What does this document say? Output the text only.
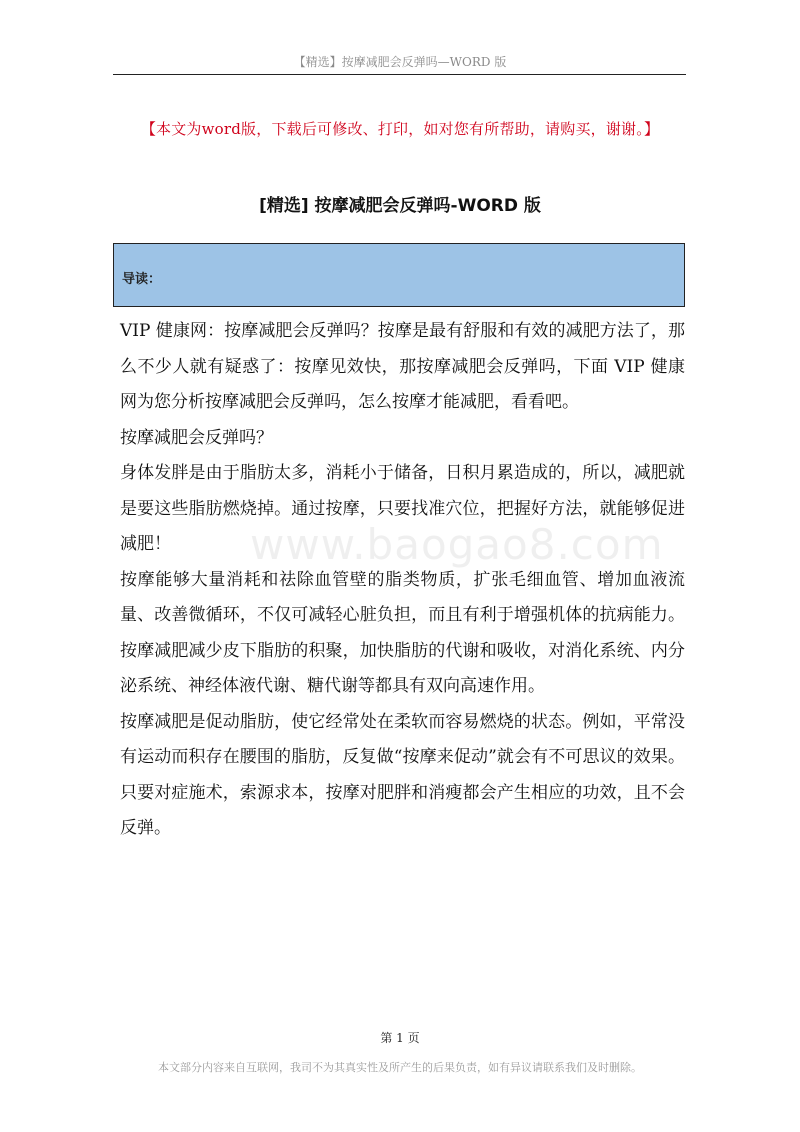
【精选】按摩减肥会反弹吗—WORD 版
【本文为word版，下载后可修改、打印，如对您有所帮助，请购买，谢谢。】
[精选] 按摩减肥会反弹吗-WORD 版
导读：
www.baogao8.com

VIP 健康网：按摩减肥会反弹吗？按摩是最有舒服和有效的减肥方法了，那么不少人就有疑惑了：按摩见效快，那按摩减肥会反弹吗，下面 VIP 健康网为您分析按摩减肥会反弹吗，怎么按摩才能减肥，看看吧。

按摩减肥会反弹吗？

身体发胖是由于脂肪太多，消耗小于储备，日积月累造成的，所以，减肥就是要这些脂肪燃烧掉。通过按摩，只要找准穴位，把握好方法，就能够促进减肥！

按摩能够大量消耗和祛除血管壁的脂类物质，扩张毛细血管、增加血液流量、改善微循环，不仅可减轻心脏负担，而且有利于增强机体的抗病能力。按摩减肥减少皮下脂肪的积聚，加快脂肪的代谢和吸收，对消化系统、内分泌系统、神经体液代谢、糖代谢等都具有双向高速作用。

按摩减肥是促动脂肪，使它经常处在柔软而容易燃烧的状态。例如，平常没有运动而积存在腰围的脂肪，反复做“按摩来促动”就会有不可思议的效果。只要对症施术，索源求本，按摩对肥胖和消瘦都会产生相应的功效，且不会反弹。

第 1 页
本文部分内容来自互联网，我司不为其真实性及所产生的后果负责，如有异议请联系我们及时删除。
